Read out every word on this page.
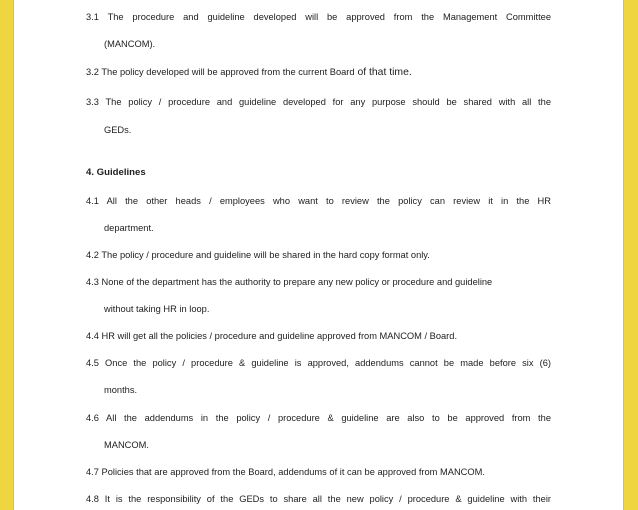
3.1 The procedure and guideline developed will be approved from the Management Committee
(MANCOM).
3.2 The policy developed will be approved from the current Board of that time.
3.3 The policy / procedure and guideline developed for any purpose should be shared with all the
GEDs.
4. Guidelines
4.1 All the other heads / employees who want to review the policy can review it in the HR
department.
4.2 The policy / procedure and guideline will be shared in the hard copy format only.
4.3 None of the department has the authority to prepare any new policy or procedure and guideline
without taking HR in loop.
4.4 HR will get all the policies / procedure and guideline approved from MANCOM / Board.
4.5 Once the policy / procedure & guideline is approved, addendums cannot be made before six (6)
months.
4.6 All the addendums in the policy / procedure & guideline are also to be approved from the
MANCOM.
4.7 Policies that are approved from the Board, addendums of it can be approved from MANCOM.
4.8 It is the responsibility of the GEDs to share all the new policy / procedure & guideline with their
